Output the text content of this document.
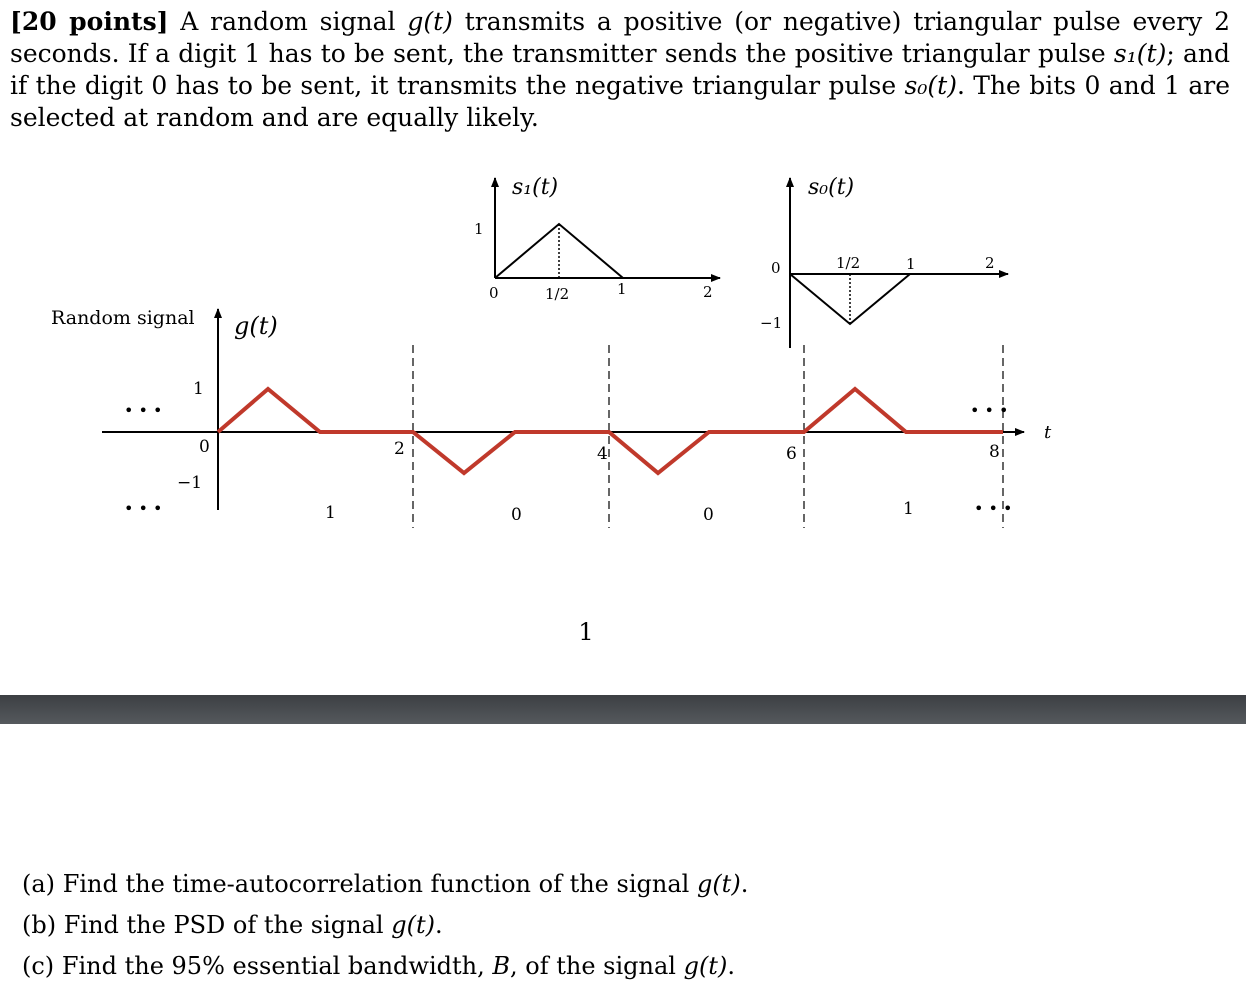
[20 points] A random signal g(t) transmits a positive (or negative) triangular pulse every 2 seconds. If a digit 1 has to be sent, the transmitter sends the positive triangular pulse s₁(t); and if the digit 0 has to be sent, it transmits the negative triangular pulse s₀(t). The bits 0 and 1 are selected at random and are equally likely.
s₁(t)
1
0	1/2	1	2
s₀(t)
0
−1
1/2	1	2
Random signal g(t)
1
0
−1
t
2	4	6	8
1	0	0	1
• • •
• • •
• • •
• • •
1
(a) Find the time-autocorrelation function of the signal g(t).
(b) Find the PSD of the signal g(t).
(c) Find the 95% essential bandwidth, B, of the signal g(t).
